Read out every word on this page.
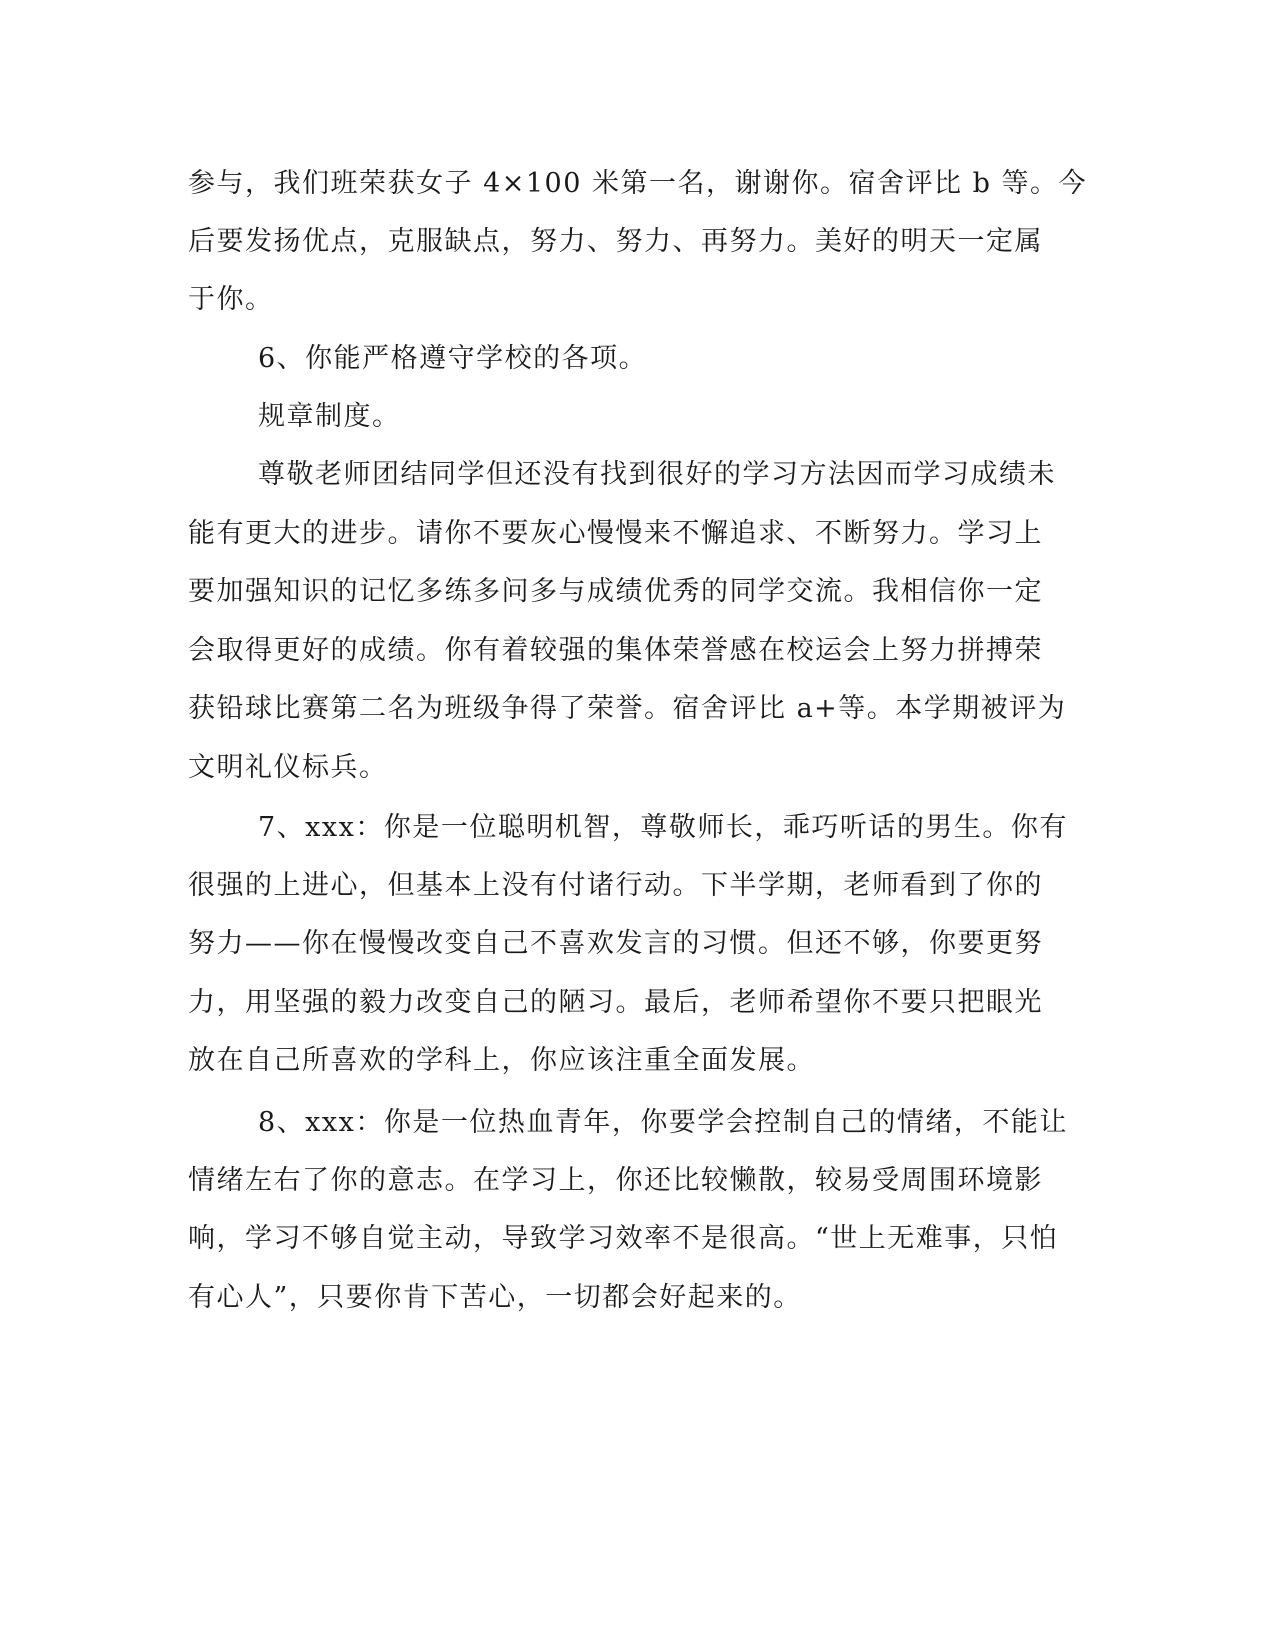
参与，我们班荣获女子 4×100 米第一名，谢谢你。宿舍评比 b 等。今

后要发扬优点，克服缺点，努力、努力、再努力。美好的明天一定属

于你。

6、你能严格遵守学校的各项。

规章制度。

尊敬老师团结同学但还没有找到很好的学习方法因而学习成绩未

能有更大的进步。请你不要灰心慢慢来不懈追求、不断努力。学习上

要加强知识的记忆多练多问多与成绩优秀的同学交流。我相信你一定

会取得更好的成绩。你有着较强的集体荣誉感在校运会上努力拼搏荣

获铅球比赛第二名为班级争得了荣誉。宿舍评比 a+等。本学期被评为

文明礼仪标兵。

7、xxx：你是一位聪明机智，尊敬师长，乖巧听话的男生。你有

很强的上进心，但基本上没有付诸行动。下半学期，老师看到了你的

努力——你在慢慢改变自己不喜欢发言的习惯。但还不够，你要更努

力，用坚强的毅力改变自己的陋习。最后，老师希望你不要只把眼光

放在自己所喜欢的学科上，你应该注重全面发展。

8、xxx：你是一位热血青年，你要学会控制自己的情绪，不能让

情绪左右了你的意志。在学习上，你还比较懒散，较易受周围环境影

响，学习不够自觉主动，导致学习效率不是很高。“世上无难事，只怕

有心人”，只要你肯下苦心，一切都会好起来的。
